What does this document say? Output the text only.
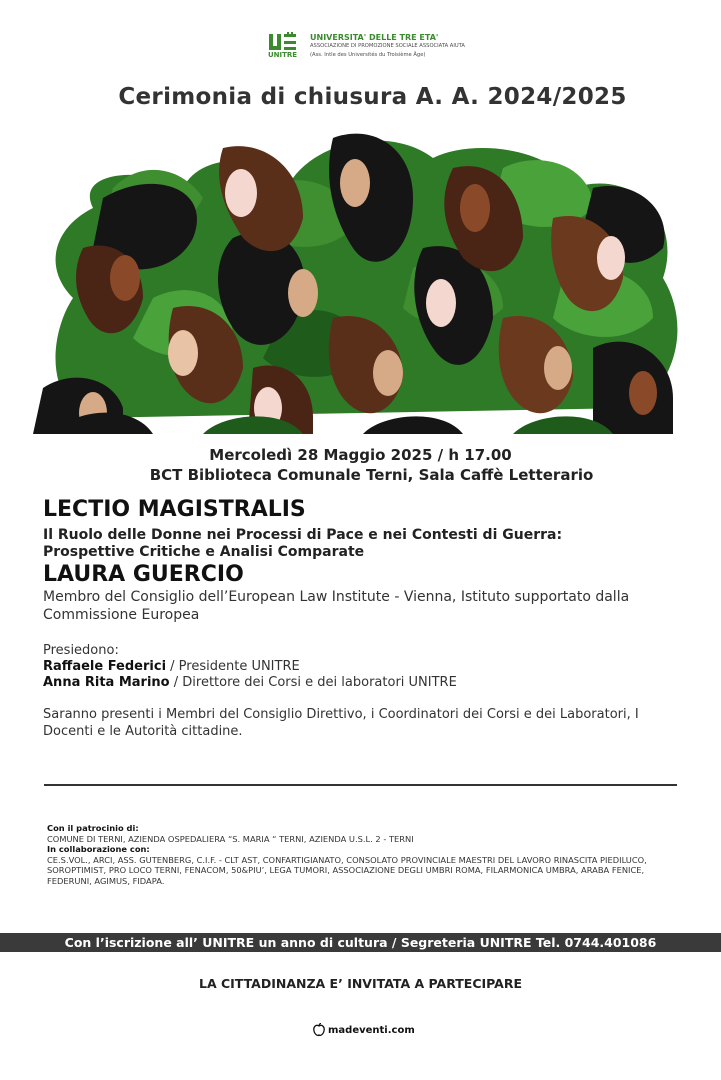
UNITRE
UNIVERSITA' DELLE TRE ETA'
ASSOCIAZIONE DI PROMOZIONE SOCIALE ASSOCIATA AIUTA
(Ass. Intle des Universités du Troisième Âge)
Cerimonia di chiusura A. A. 2024/2025
Mercoledì 28 Maggio 2025 / h 17.00
BCT Biblioteca Comunale Terni, Sala Caffè Letterario
LECTIO MAGISTRALIS
Il Ruolo delle Donne nei Processi di Pace e nei Contesti di Guerra:
Prospettive Critiche e Analisi Comparate
LAURA GUERCIO
Membro del Consiglio dell’European Law Institute - Vienna, Istituto supportato dalla Commissione Europea
Presiedono:
Raffaele Federici / Presidente UNITRE
Anna Rita Marino / Direttore dei Corsi e dei laboratori UNITRE
Saranno presenti i Membri del Consiglio Direttivo, i Coordinatori dei Corsi e dei Laboratori, I Docenti e le Autorità cittadine.
Con il patrocinio di:
COMUNE DI TERNI, AZIENDA OSPEDALIERA “S. MARIA “ TERNI, AZIENDA U.S.L. 2 - TERNI
In collaborazione con:
CE.S.VOL., ARCI, ASS. GUTENBERG, C.I.F. - CLT AST, CONFARTIGIANATO, CONSOLATO PROVINCIALE MAESTRI DEL LAVORO RINASCITA PIEDILUCO, SOROPTIMIST, PRO LOCO TERNI, FENACOM, 50&PIU’, LEGA TUMORI, ASSOCIAZIONE DEGLI UMBRI ROMA, FILARMONICA UMBRA, ARABA FENICE, FEDERUNI, AGIMUS, FIDAPA.
Con l’iscrizione all’ UNITRE un anno di cultura / Segreteria UNITRE Tel. 0744.401086
LA CITTADINANZA E’ INVITATA A PARTECIPARE
madeventi.com
